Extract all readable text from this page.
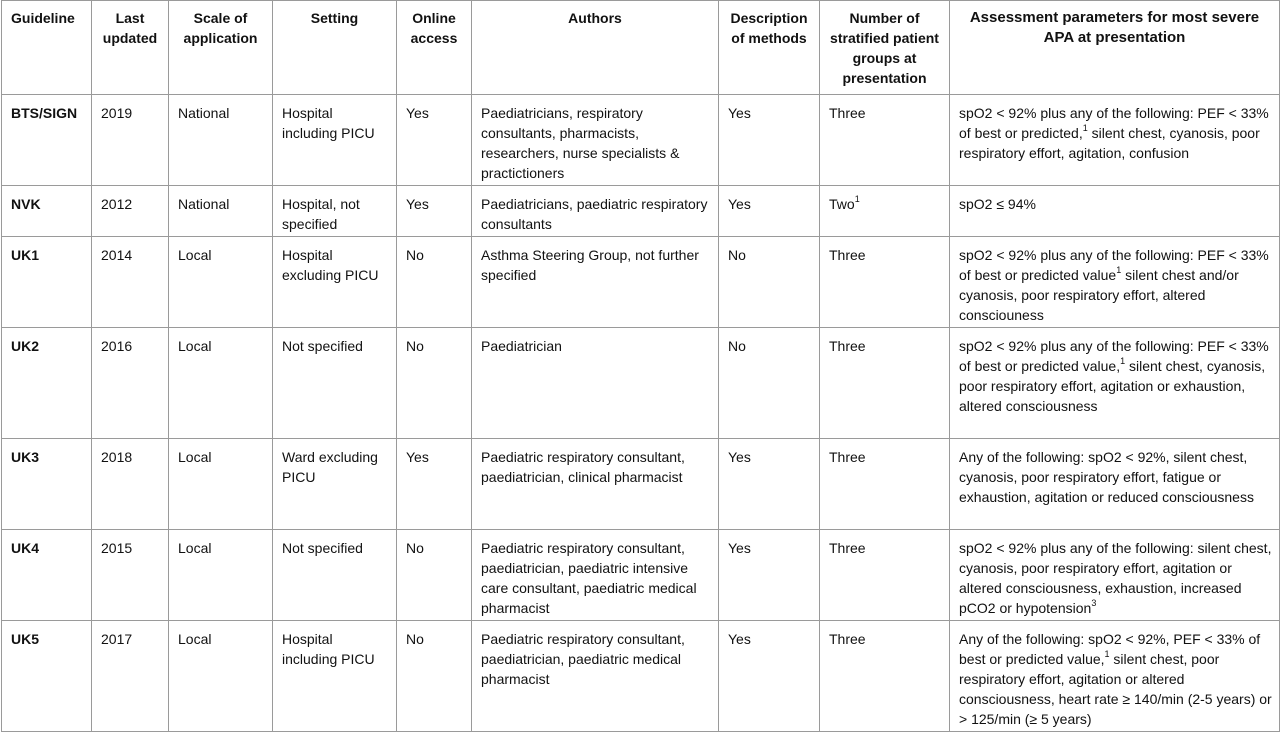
Guideline	Last updated	Scale of application	Setting	Online access	Authors	Description of methods	Number of stratified patient groups at presentation	Assessment parameters for most severe APA at presentation
BTS/SIGN	2019	National	Hospital including PICU	Yes	Paediatricians, respiratory consultants, pharmacists, researchers, nurse specialists & practictioners	Yes	Three	spO2 < 92% plus any of the following: PEF < 33% of best or predicted,$^1$ silent chest, cyanosis, poor respiratory effort, agitation, confusion
NVK	2012	National	Hospital, not specified	Yes	Paediatricians, paediatric respiratory consultants	Yes	Two$^1$	spO2 ≤ 94%
UK1	2014	Local	Hospital excluding PICU	No	Asthma Steering Group, not further specified	No	Three	spO2 < 92% plus any of the following: PEF < 33% of best or predicted value$^1$ silent chest and/or cyanosis, poor respiratory effort, altered consciouness
UK2	2016	Local	Not specified	No	Paediatrician	No	Three	spO2 < 92% plus any of the following: PEF < 33% of best or predicted value,$^1$ silent chest, cyanosis, poor respiratory effort, agitation or exhaustion, altered consciousness
UK3	2018	Local	Ward excluding PICU	Yes	Paediatric respiratory consultant, paediatrician, clinical pharmacist	Yes	Three	Any of the following: spO2 < 92%, silent chest, cyanosis, poor respiratory effort, fatigue or exhaustion, agitation or reduced consciousness
UK4	2015	Local	Not specified	No	Paediatric respiratory consultant, paediatrician, paediatric intensive care consultant, paediatric medical pharmacist	Yes	Three	spO2 < 92% plus any of the following: silent chest, cyanosis, poor respiratory effort, agitation or altered consciousness, exhaustion, increased pCO2 or hypotension$^3$
UK5	2017	Local	Hospital including PICU	No	Paediatric respiratory consultant, paediatrician, paediatric medical pharmacist	Yes	Three	Any of the following: spO2 < 92%, PEF < 33% of best or predicted value,$^1$ silent chest, poor respiratory effort, agitation or altered consciousness, heart rate ≥ 140/min (2-5 years) or > 125/min (≥ 5 years)
